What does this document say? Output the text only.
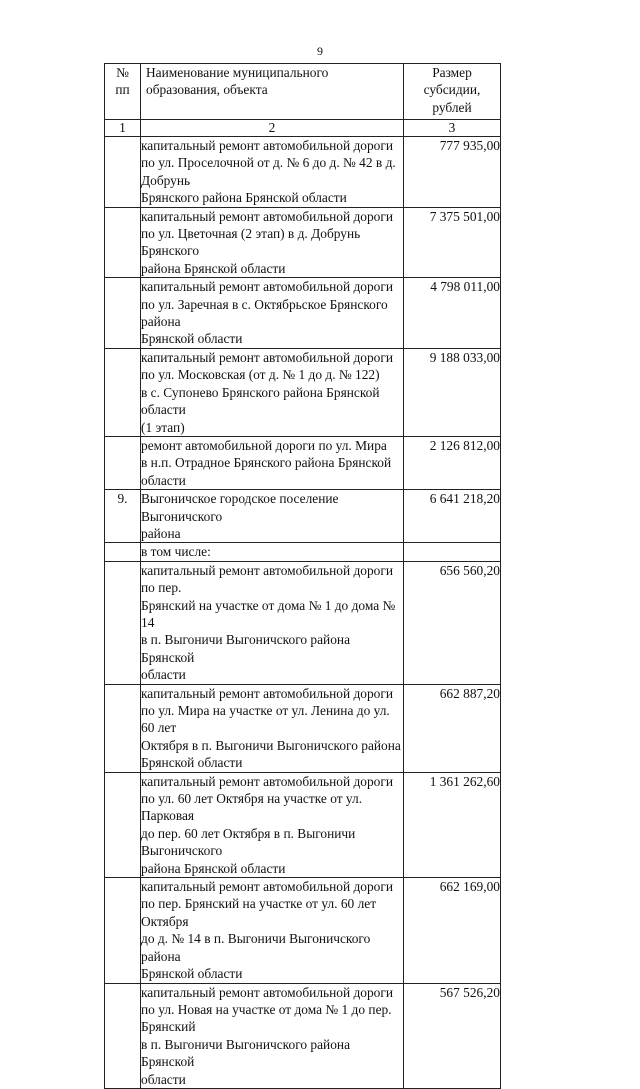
9
№
пп	Наименование муниципального образования, объекта	Размер
субсидии,
рублей

1	2	3

	капитальный ремонт автомобильной дороги
по ул. Проселочной от д. № 6 до д. № 42 в д. Добрунь
Брянского района Брянской области	777 935,00

	капитальный ремонт автомобильной дороги
по ул. Цветочная (2 этап) в д. Добрунь Брянского
района Брянской области	7 375 501,00

	капитальный ремонт автомобильной дороги
по ул. Заречная в с. Октябрьское Брянского района
Брянской области	4 798 011,00

	капитальный ремонт автомобильной дороги
по ул. Московская (от д. № 1 до д. № 122)
в с. Супонево Брянского района Брянской области
(1 этап)	9 188 033,00

	ремонт автомобильной дороги по ул. Мира
в н.п. Отрадное Брянского района Брянской области	2 126 812,00
9.	Выгоничское городское поселение Выгоничского
района	6 641 218,20

	в том числе:	

	капитальный ремонт автомобильной дороги по пер.
Брянский на участке от дома № 1 до дома № 14
в п. Выгоничи Выгоничского района Брянской
области	656 560,20

	капитальный ремонт автомобильной дороги
по ул. Мира на участке от ул. Ленина до ул. 60 лет
Октября в п. Выгоничи Выгоничского района
Брянской области	662 887,20

	капитальный ремонт автомобильной дороги
по ул. 60 лет Октября на участке от ул. Парковая
до пер. 60 лет Октября в п. Выгоничи Выгоничского
района Брянской области	1 361 262,60

	капитальный ремонт автомобильной дороги
по пер. Брянский на участке от ул. 60 лет Октября
до д. № 14 в п. Выгоничи Выгоничского района
Брянской области	662 169,00

	капитальный ремонт автомобильной дороги
по ул. Новая на участке от дома № 1 до пер. Брянский
в п. Выгоничи Выгоничского района Брянской
области	567 526,20
